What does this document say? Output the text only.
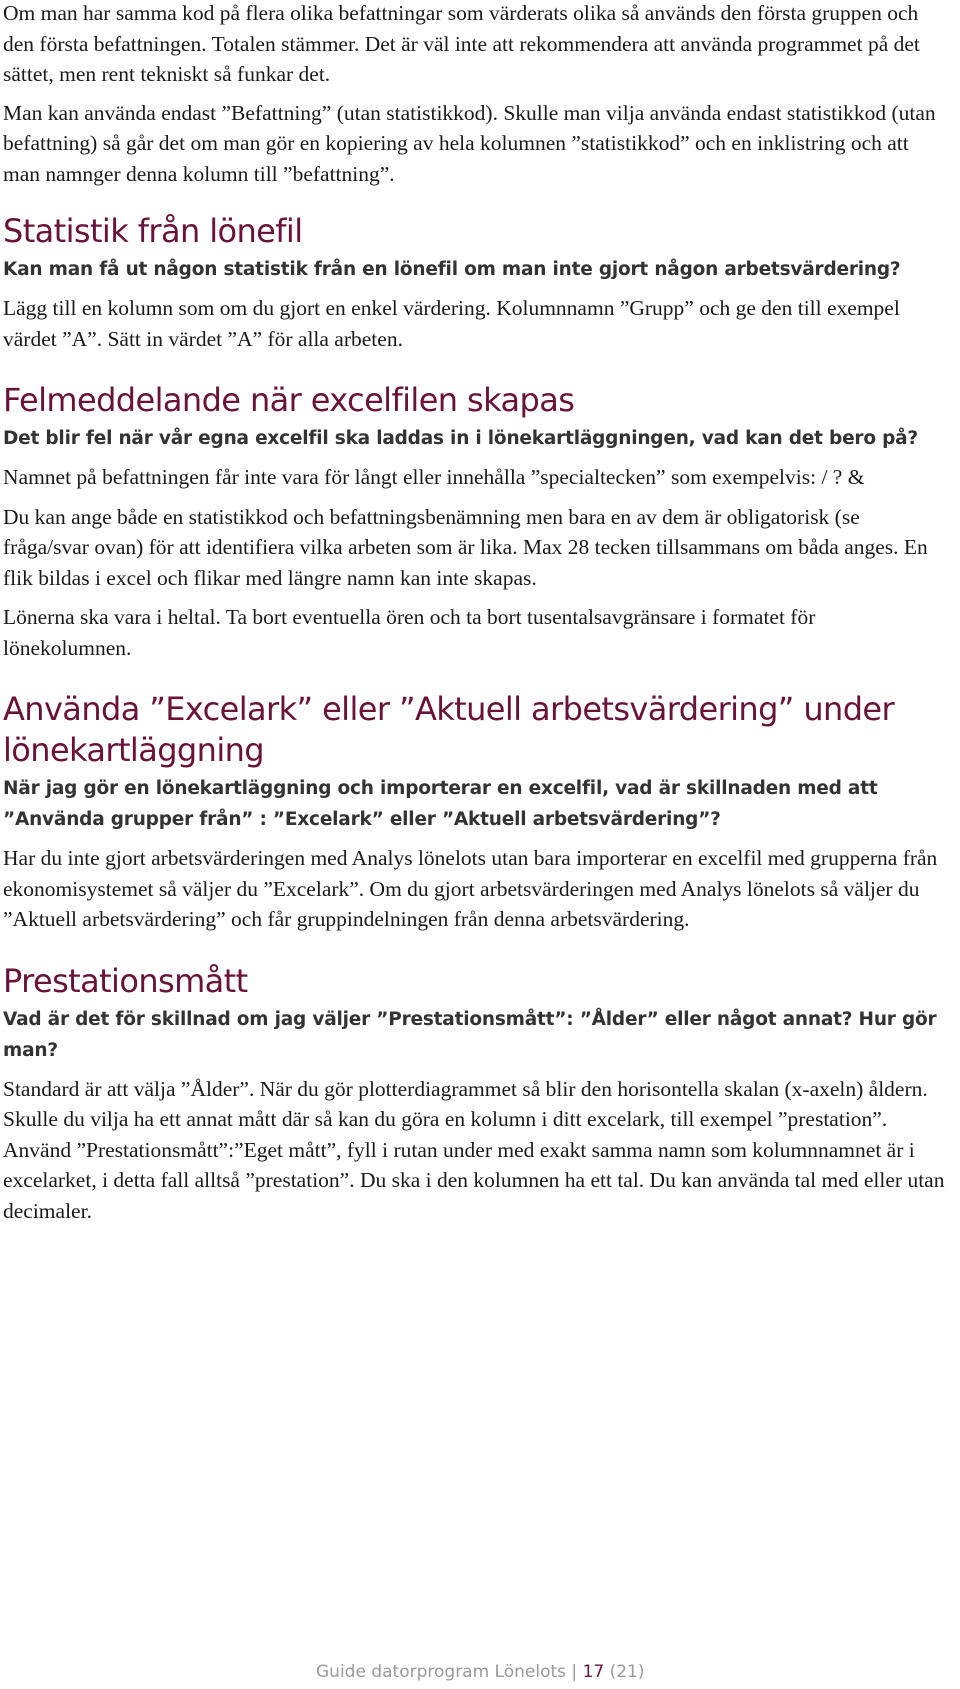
Om man har samma kod på flera olika befattningar som värderats olika så används den första gruppen och den första befattningen. Totalen stämmer. Det är väl inte att rekommendera att använda programmet på det sättet, men rent tekniskt så funkar det.

Man kan använda endast ”Befattning” (utan statistikkod). Skulle man vilja använda endast statistikkod (utan befattning) så går det om man gör en kopiering av hela kolumnen ”statistikkod” och en inklistring och att man namnger denna kolumn till ”befattning”.

Statistik från lönefil

Kan man få ut någon statistik från en lönefil om man inte gjort någon arbetsvärdering?

Lägg till en kolumn som om du gjort en enkel värdering. Kolumnnamn ”Grupp” och ge den till exempel värdet ”A”. Sätt in värdet ”A” för alla arbeten.

Felmeddelande när excelfilen skapas

Det blir fel när vår egna excelfil ska laddas in i lönekartläggningen, vad kan det bero på?

Namnet på befattningen får inte vara för långt eller innehålla ”specialtecken” som exempelvis: / ? &

Du kan ange både en statistikkod och befattningsbenämning men bara en av dem är obligatorisk (se fråga/svar ovan) för att identifiera vilka arbeten som är lika. Max 28 tecken tillsammans om båda anges. En flik bildas i excel och flikar med längre namn kan inte skapas.

Lönerna ska vara i heltal. Ta bort eventuella ören och ta bort tusentalsavgränsare i formatet för lönekolumnen.

Använda ”Excelark” eller ”Aktuell arbetsvärdering” under lönekartläggning

När jag gör en lönekartläggning och importerar en excelfil, vad är skillnaden med att ”Använda grupper från” : ”Excelark” eller ”Aktuell arbetsvärdering”?

Har du inte gjort arbetsvärderingen med Analys lönelots utan bara importerar en excelfil med grupperna från ekonomisystemet så väljer du ”Excelark”. Om du gjort arbetsvärderingen med Analys lönelots så väljer du ”Aktuell arbetsvärdering” och får gruppindelningen från denna arbetsvärdering.

Prestationsmått

Vad är det för skillnad om jag väljer ”Prestationsmått”: ”Ålder” eller något annat? Hur gör man?

Standard är att välja ”Ålder”. När du gör plotterdiagrammet så blir den horisontella skalan (x-axeln) åldern. Skulle du vilja ha ett annat mått där så kan du göra en kolumn i ditt excelark, till exempel ”prestation”. Använd ”Prestationsmått”:”Eget mått”, fyll i rutan under med exakt samma namn som kolumnnamnet är i excelarket, i detta fall alltså ”prestation”. Du ska i den kolumnen ha ett tal. Du kan använda tal med eller utan decimaler.

Guide datorprogram Lönelots | 17 (21)
